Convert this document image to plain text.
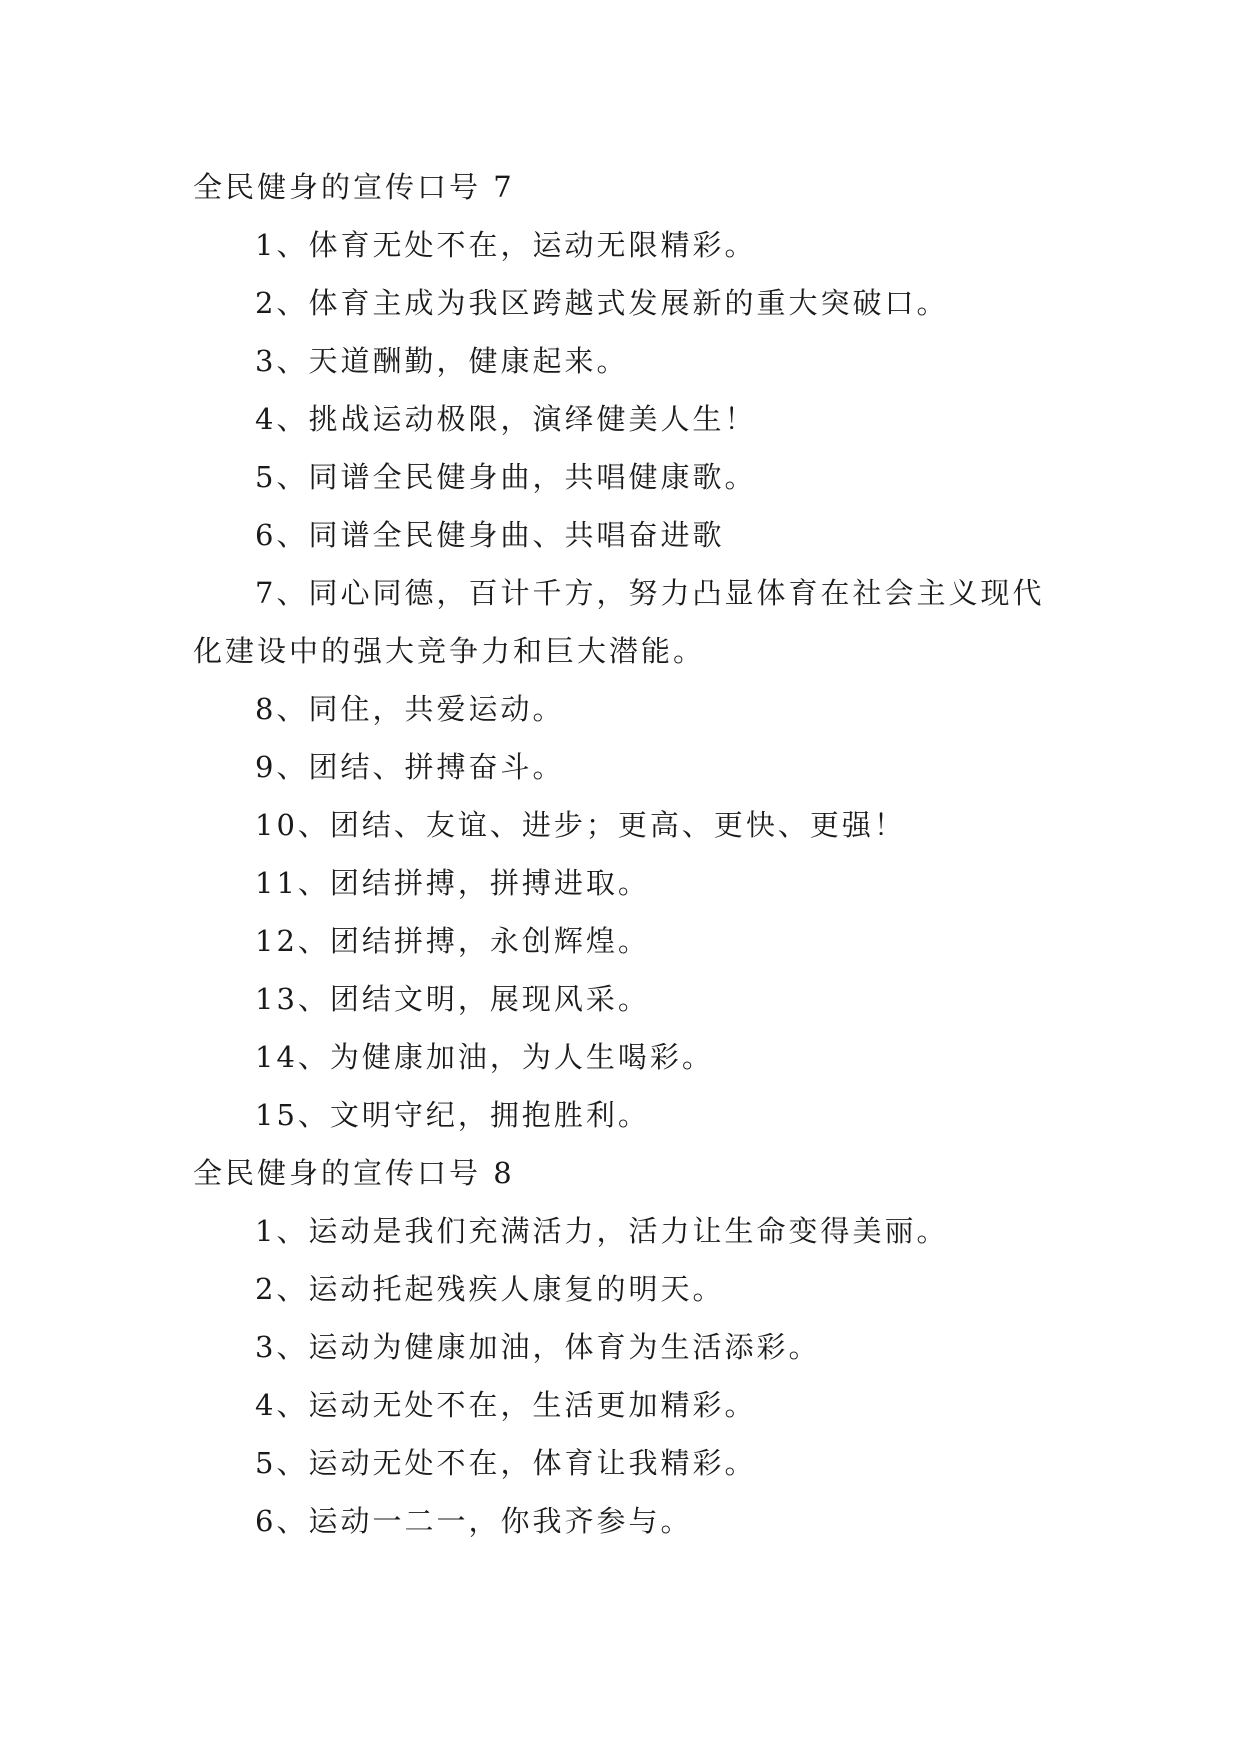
全民健身的宣传口号 7

1、体育无处不在，运动无限精彩。

2、体育主成为我区跨越式发展新的重大突破口。

3、天道酬勤，健康起来。

4、挑战运动极限，演绎健美人生！

5、同谱全民健身曲，共唱健康歌。

6、同谱全民健身曲、共唱奋进歌

7、同心同德，百计千方，努力凸显体育在社会主义现代化建设中的强大竞争力和巨大潜能。

8、同住，共爱运动。

9、团结、拼搏奋斗。

10、团结、友谊、进步；更高、更快、更强！

11、团结拼搏，拼搏进取。

12、团结拼搏，永创辉煌。

13、团结文明，展现风采。

14、为健康加油，为人生喝彩。

15、文明守纪，拥抱胜利。

全民健身的宣传口号 8

1、运动是我们充满活力，活力让生命变得美丽。

2、运动托起残疾人康复的明天。

3、运动为健康加油，体育为生活添彩。

4、运动无处不在，生活更加精彩。

5、运动无处不在，体育让我精彩。

6、运动一二一，你我齐参与。
